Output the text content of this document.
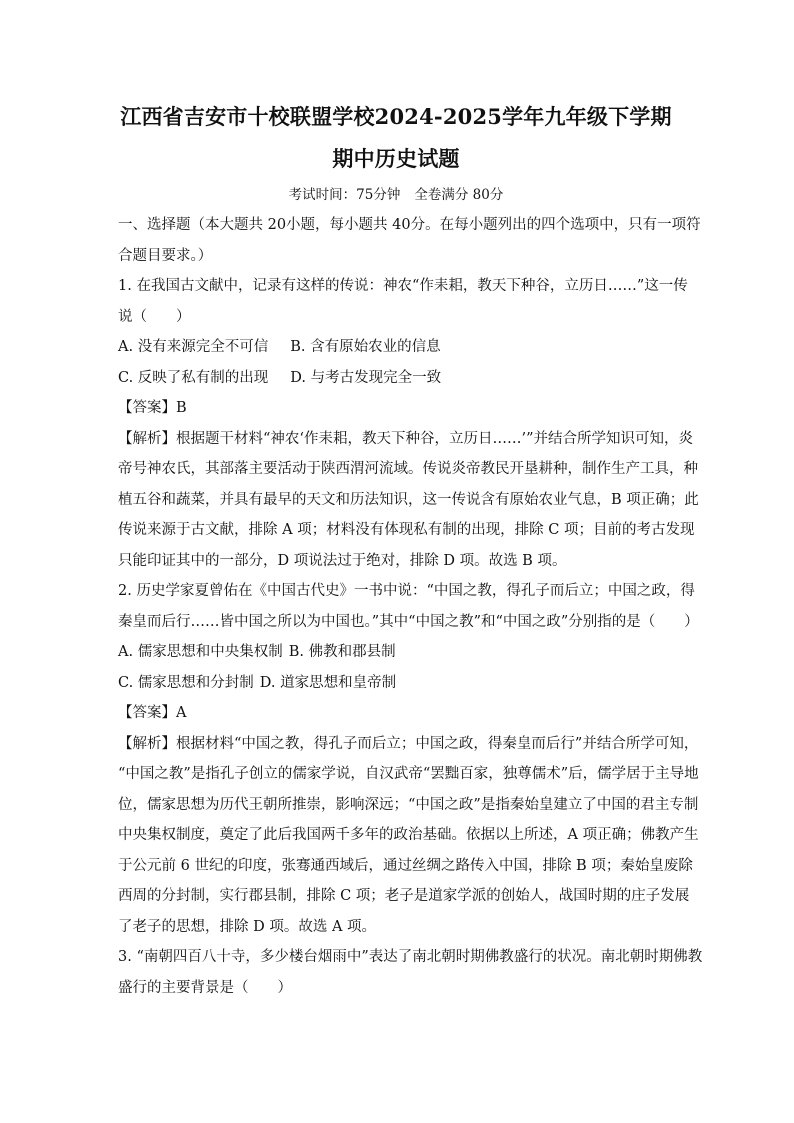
江西省吉安市十校联盟学校2024-2025学年九年级下学期
期中历史试题
考试时间：75分钟 全卷满分 80分

一、选择题（本大题共 20小题，每小题共 40分。在每小题列出的四个选项中，只有一项符

合题目要求。）

1. 在我国古文献中，记录有这样的传说：神农“作耒耜，教天下种谷，立历日……”这一传

说（　　）

A. 没有来源完全不可信 B. 含有原始农业的信息

C. 反映了私有制的出现 D. 与考古发现完全一致

【答案】B

【解析】根据题干材料“神农‘作耒耜，教天下种谷，立历日……’”并结合所学知识可知，炎

帝号神农氏，其部落主要活动于陕西渭河流域。传说炎帝教民开垦耕种，制作生产工具，种

植五谷和蔬菜，并具有最早的天文和历法知识，这一传说含有原始农业气息，B 项正确；此

传说来源于古文献，排除 A 项；材料没有体现私有制的出现，排除 C 项；目前的考古发现

只能印证其中的一部分，D 项说法过于绝对，排除 D 项。故选 B 项。

2. 历史学家夏曾佑在《中国古代史》一书中说：“中国之教，得孔子而后立；中国之政，得

秦皇而后行……皆中国之所以为中国也。”其中“中国之教”和“中国之政”分别指的是（　　）

A. 儒家思想和中央集权制 B. 佛教和郡县制

C. 儒家思想和分封制 D. 道家思想和皇帝制

【答案】A

【解析】根据材料“中国之教，得孔子而后立；中国之政，得秦皇而后行”并结合所学可知，

“中国之教”是指孔子创立的儒家学说，自汉武帝“罢黜百家，独尊儒术”后，儒学居于主导地

位，儒家思想为历代王朝所推崇，影响深远；“中国之政”是指秦始皇建立了中国的君主专制

中央集权制度，奠定了此后我国两千多年的政治基础。依据以上所述，A 项正确；佛教产生

于公元前 6 世纪的印度，张骞通西域后，通过丝绸之路传入中国，排除 B 项；秦始皇废除

西周的分封制，实行郡县制，排除 C 项；老子是道家学派的创始人，战国时期的庄子发展

了老子的思想，排除 D 项。故选 A 项。

3. “南朝四百八十寺，多少楼台烟雨中”表达了南北朝时期佛教盛行的状况。南北朝时期佛教

盛行的主要背景是（　　）
